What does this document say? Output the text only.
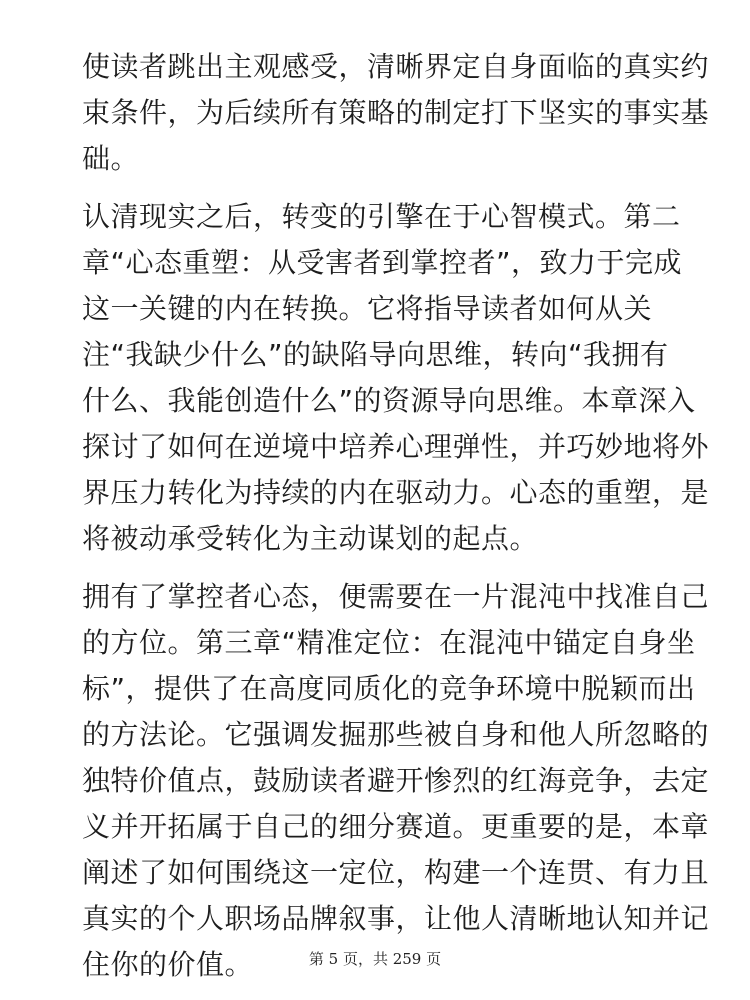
使读者跳出主观感受，清晰界定自身面临的真实约
束条件，为后续所有策略的制定打下坚实的事实基
础。
认清现实之后，转变的引擎在于心智模式。第二
章“心态重塑：从受害者到掌控者”，致力于完成
这一关键的内在转换。它将指导读者如何从关
注“我缺少什么”的缺陷导向思维，转向“我拥有
什么、我能创造什么”的资源导向思维。本章深入
探讨了如何在逆境中培养心理弹性，并巧妙地将外
界压力转化为持续的内在驱动力。心态的重塑，是
将被动承受转化为主动谋划的起点。
拥有了掌控者心态，便需要在一片混沌中找准自己
的方位。第三章“精准定位：在混沌中锚定自身坐
标”，提供了在高度同质化的竞争环境中脱颖而出
的方法论。它强调发掘那些被自身和他人所忽略的
独特价值点，鼓励读者避开惨烈的红海竞争，去定
义并开拓属于自己的细分赛道。更重要的是，本章
阐述了如何围绕这一定位，构建一个连贯、有力且
真实的个人职场品牌叙事，让他人清晰地认知并记
住你的价值。	第 5 页，共 259 页
